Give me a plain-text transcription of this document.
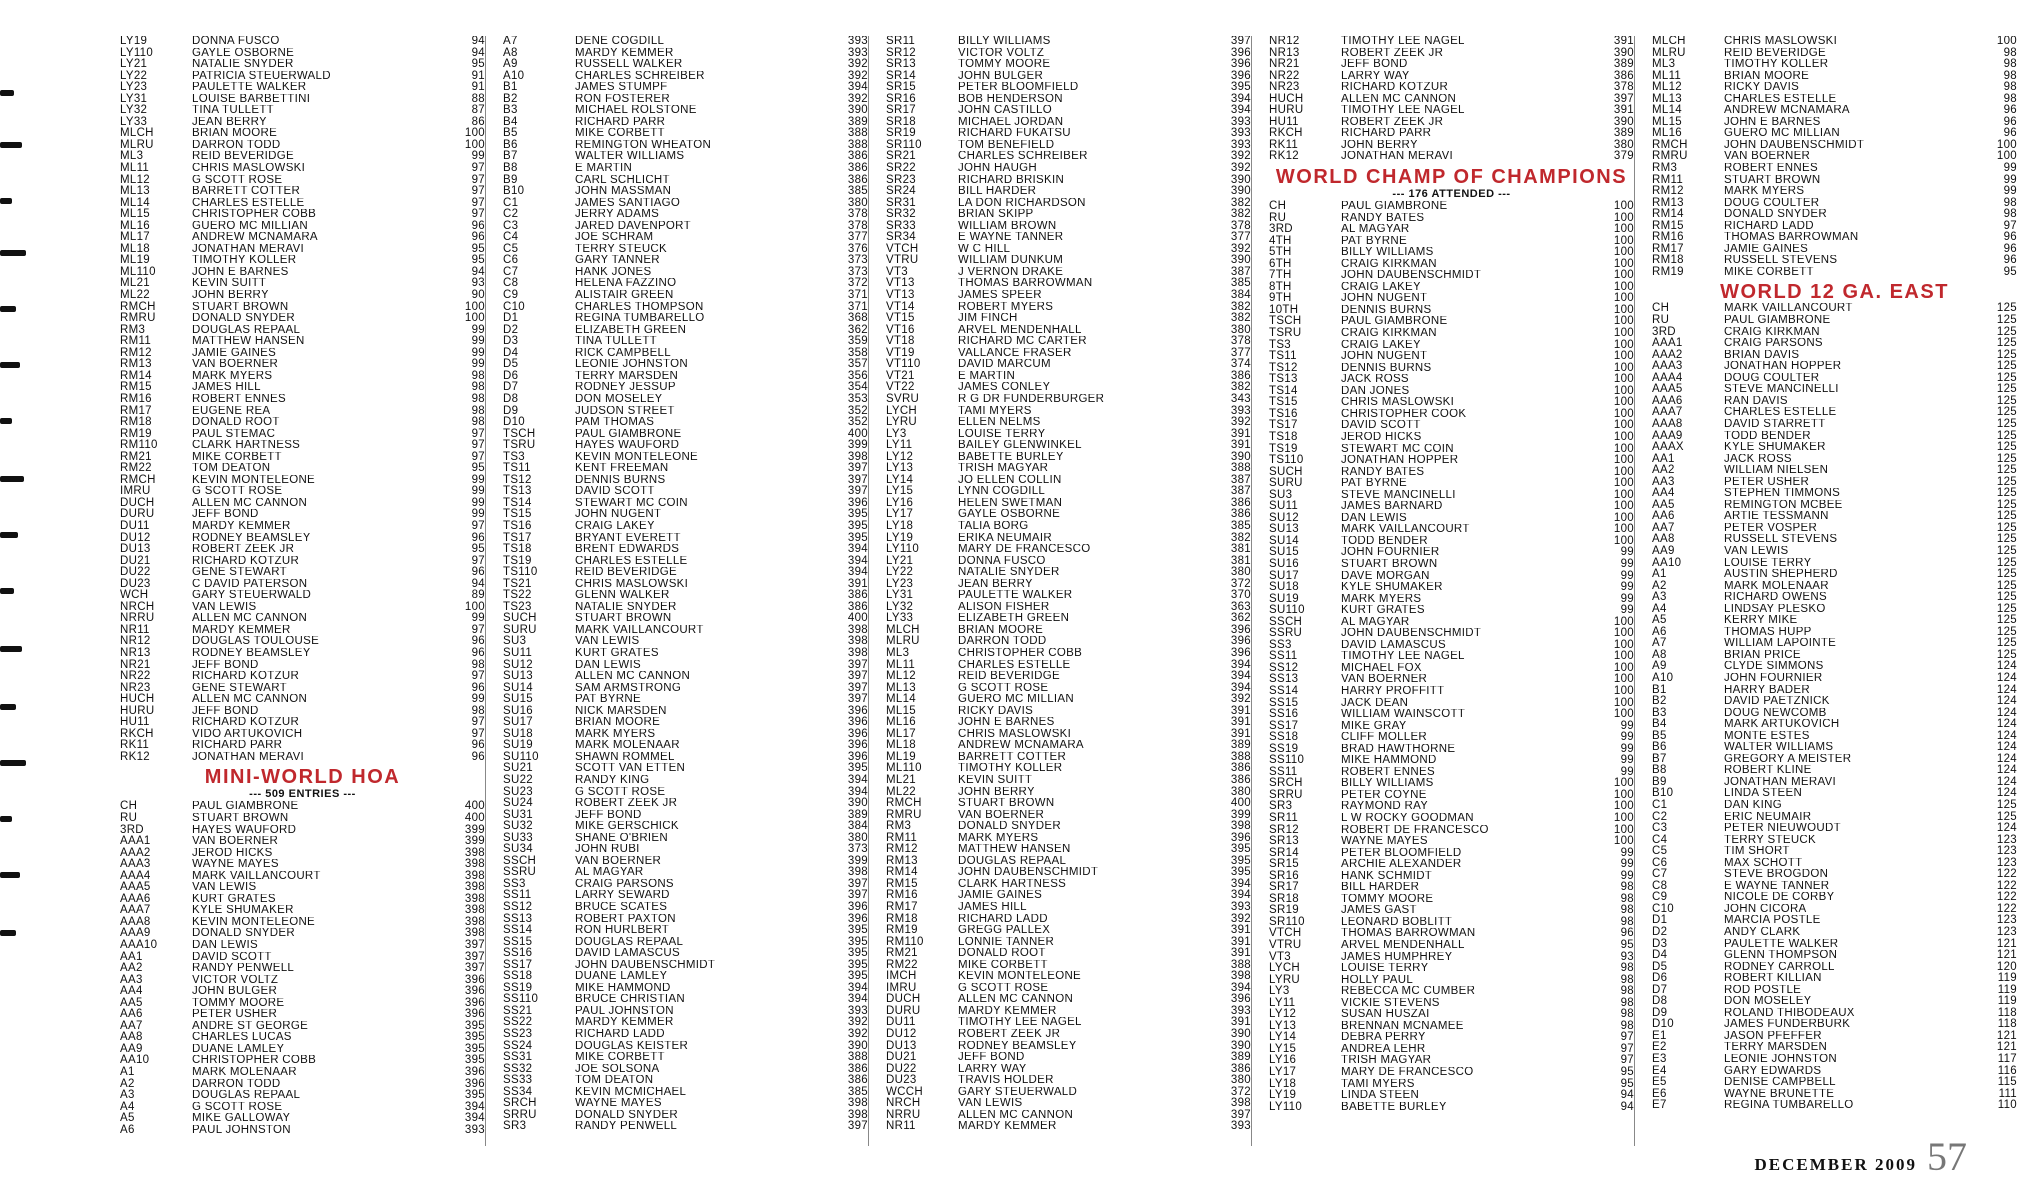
LY19	DONNA FUSCO	94
LY110	GAYLE OSBORNE	94
LY21	NATALIE SNYDER	95
LY22	PATRICIA STEUERWALD	91
LY23	PAULETTE WALKER	91
LY31	LOUISE BARBETTINI	88
LY32	TINA TULLETT	87
LY33	JEAN BERRY	86
MLCH	BRIAN MOORE	100
MLRU	DARRON TODD	100
ML3	REID BEVERIDGE	99
ML11	CHRIS MASLOWSKI	97
ML12	G SCOTT ROSE	97
ML13	BARRETT COTTER	97
ML14	CHARLES ESTELLE	97
ML15	CHRISTOPHER COBB	97
ML16	GUERO MC MILLIAN	96
ML17	ANDREW MCNAMARA	96
ML18	JONATHAN MERAVI	95
ML19	TIMOTHY KOLLER	95
ML110	JOHN E BARNES	94
ML21	KEVIN SUITT	93
ML22	JOHN BERRY	90
RMCH	STUART BROWN	100
RMRU	DONALD SNYDER	100
RM3	DOUGLAS REPAAL	99
RM11	MATTHEW HANSEN	99
RM12	JAMIE GAINES	99
RM13	VAN BOERNER	99
RM14	MARK MYERS	98
RM15	JAMES HILL	98
RM16	ROBERT ENNES	98
RM17	EUGENE REA	98
RM18	DONALD ROOT	98
RM19	PAUL STEMAC	97
RM110	CLARK HARTNESS	97
RM21	MIKE CORBETT	97
RM22	TOM DEATON	95
RMCH	KEVIN MONTELEONE	99
IMRU	G SCOTT ROSE	99
DUCH	ALLEN MC CANNON	99
DURU	JEFF BOND	99
DU11	MARDY KEMMER	97
DU12	RODNEY BEAMSLEY	96
DU13	ROBERT ZEEK JR	95
DU21	RICHARD KOTZUR	97
DU22	GENE STEWART	96
DU23	C DAVID PATERSON	94
WCH	GARY STEUERWALD	89
NRCH	VAN LEWIS	100
NRRU	ALLEN MC CANNON	99
NR11	MARDY KEMMER	97
NR12	DOUGLAS TOULOUSE	96
NR13	RODNEY BEAMSLEY	96
NR21	JEFF BOND	98
NR22	RICHARD KOTZUR	97
NR23	GENE STEWART	96
HUCH	ALLEN MC CANNON	99
HURU	JEFF BOND	98
HU11	RICHARD KOTZUR	97
RKCH	VIDO ARTUKOVICH	97
RK11	RICHARD PARR	96
RK12	JONATHAN MERAVI	96
MINI-WORLD HOA
--- 509 ENTRIES ---
CH	PAUL GIAMBRONE	400
RU	STUART BROWN	400
3RD	HAYES WAUFORD	399
AAA1	VAN BOERNER	399
AAA2	JEROD HICKS	398
AAA3	WAYNE MAYES	398
AAA4	MARK VAILLANCOURT	398
AAA5	VAN LEWIS	398
AAA6	KURT GRATES	398
AAA7	KYLE SHUMAKER	398
AAA8	KEVIN MONTELEONE	398
AAA9	DONALD SNYDER	398
AAA10	DAN LEWIS	397
AA1	DAVID SCOTT	397
AA2	RANDY PENWELL	397
AA3	VICTOR VOLTZ	396
AA4	JOHN BULGER	396
AA5	TOMMY MOORE	396
AA6	PETER USHER	396
AA7	ANDRE ST GEORGE	395
AA8	CHARLES LUCAS	395
AA9	DUANE LAMLEY	395
AA10	CHRISTOPHER COBB	395
A1	MARK MOLENAAR	396
A2	DARRON TODD	396
A3	DOUGLAS REPAAL	395
A4	G SCOTT ROSE	394
A5	MIKE GALLOWAY	394
A6	PAUL JOHNSTON	393
A7	DENE COGDILL	393
A8	MARDY KEMMER	393
A9	RUSSELL WALKER	392
A10	CHARLES SCHREIBER	392
B1	JAMES STUMPF	394
B2	RON FOSTERER	392
B3	MICHAEL ROLSTONE	390
B4	RICHARD PARR	389
B5	MIKE CORBETT	388
B6	REMINGTON WHEATON	388
B7	WALTER WILLIAMS	386
B8	E MARTIN	386
B9	CARL SCHLICHT	386
B10	JOHN MASSMAN	385
C1	JAMES SANTIAGO	380
C2	JERRY ADAMS	378
C3	JARED DAVENPORT	378
C4	JOE SCHRAM	377
C5	TERRY STEUCK	376
C6	GARY TANNER	373
C7	HANK JONES	373
C8	HELENA FAZZINO	372
C9	ALISTAIR GREEN	371
C10	CHARLES THOMPSON	371
D1	REGINA TUMBARELLO	368
D2	ELIZABETH GREEN	362
D3	TINA TULLETT	359
D4	RICK CAMPBELL	358
D5	LEONIE JOHNSTON	357
D6	TERRY MARSDEN	356
D7	RODNEY JESSUP	354
D8	DON MOSELEY	353
D9	JUDSON STREET	352
D10	PAM THOMAS	352
TSCH	PAUL GIAMBRONE	400
TSRU	HAYES WAUFORD	399
TS3	KEVIN MONTELEONE	398
TS11	KENT FREEMAN	397
TS12	DENNIS BURNS	397
TS13	DAVID SCOTT	397
TS14	STEWART MC COIN	396
TS15	JOHN NUGENT	395
TS16	CRAIG LAKEY	395
TS17	BRYANT EVERETT	395
TS18	BRENT EDWARDS	394
TS19	CHARLES ESTELLE	394
TS110	REID BEVERIDGE	394
TS21	CHRIS MASLOWSKI	391
TS22	GLENN WALKER	386
TS23	NATALIE SNYDER	386
SUCH	STUART BROWN	400
SURU	MARK VAILLANCOURT	398
SU3	VAN LEWIS	398
SU11	KURT GRATES	398
SU12	DAN LEWIS	397
SU13	ALLEN MC CANNON	397
SU14	SAM ARMSTRONG	397
SU15	PAT BYRNE	397
SU16	NICK MARSDEN	396
SU17	BRIAN MOORE	396
SU18	MARK MYERS	396
SU19	MARK MOLENAAR	396
SU110	SHAWN ROMMEL	396
SU21	SCOTT VAN ETTEN	395
SU22	RANDY KING	394
SU23	G SCOTT ROSE	394
SU24	ROBERT ZEEK JR	390
SU31	JEFF BOND	389
SU32	MIKE GERSCHICK	384
SU33	SHANE O'BRIEN	380
SU34	JOHN RUBI	373
SSCH	VAN BOERNER	399
SSRU	AL MAGYAR	398
SS3	CRAIG PARSONS	397
SS11	LARRY SEWARD	397
SS12	BRUCE SCATES	396
SS13	ROBERT PAXTON	396
SS14	RON HURLBERT	395
SS15	DOUGLAS REPAAL	395
SS16	DAVID LAMASCUS	395
SS17	JOHN DAUBENSCHMIDT	395
SS18	DUANE LAMLEY	395
SS19	MIKE HAMMOND	394
SS110	BRUCE CHRISTIAN	394
SS21	PAUL JOHNSTON	393
SS22	MARDY KEMMER	392
SS23	RICHARD LADD	392
SS24	DOUGLAS KEISTER	390
SS31	MIKE CORBETT	388
SS32	JOE SOLSONA	386
SS33	TOM DEATON	386
SS34	KEVIN MCMICHAEL	385
SRCH	WAYNE MAYES	398
SRRU	DONALD SNYDER	398
SR3	RANDY PENWELL	397
SR11	BILLY WILLIAMS	397
SR12	VICTOR VOLTZ	396
SR13	TOMMY MOORE	396
SR14	JOHN BULGER	396
SR15	PETER BLOOMFIELD	395
SR16	BOB HENDERSON	394
SR17	JOHN CASTILLO	394
SR18	MICHAEL JORDAN	393
SR19	RICHARD FUKATSU	393
SR110	TOM BENEFIELD	393
SR21	CHARLES SCHREIBER	392
SR22	JOHN HAUGH	392
SR23	RICHARD BRISKIN	390
SR24	BILL HARDER	390
SR31	LA DON RICHARDSON	382
SR32	BRIAN SKIPP	382
SR33	WILLIAM BROWN	378
SR34	E WAYNE TANNER	377
VTCH	W C HILL	392
VTRU	WILLIAM DUNKUM	390
VT3	J VERNON DRAKE	387
VT13	THOMAS BARROWMAN	385
VT13	JAMES SPEER	384
VT14	ROBERT MYERS	382
VT15	JIM FINCH	382
VT16	ARVEL MENDENHALL	380
VT18	RICHARD MC CARTER	378
VT19	VALLANCE FRASER	377
VT110	DAVID MARCUM	374
VT21	E MARTIN	386
VT22	JAMES CONLEY	382
SVRU	R G DR FUNDERBURGER	343
LYCH	TAMI MYERS	393
LYRU	ELLEN NELMS	392
LY3	LOUISE TERRY	391
LY11	BAILEY GLENWINKEL	391
LY12	BABETTE BURLEY	390
LY13	TRISH MAGYAR	388
LY14	JO ELLEN COLLIN	387
LY15	LYNN COGDILL	387
LY16	HELEN SWETMAN	386
LY17	GAYLE OSBORNE	386
LY18	TALIA BORG	385
LY19	ERIKA NEUMAIR	382
LY110	MARY DE FRANCESCO	381
LY21	DONNA FUSCO	381
LY22	NATALIE SNYDER	380
LY23	JEAN BERRY	372
LY31	PAULETTE WALKER	370
LY32	ALISON FISHER	363
LY33	ELIZABETH GREEN	362
MLCH	BRIAN MOORE	396
MLRU	DARRON TODD	396
ML3	CHRISTOPHER COBB	396
ML11	CHARLES ESTELLE	394
ML12	REID BEVERIDGE	394
ML13	G SCOTT ROSE	394
ML14	GUERO MC MILLIAN	392
ML15	RICKY DAVIS	391
ML16	JOHN E BARNES	391
ML17	CHRIS MASLOWSKI	391
ML18	ANDREW MCNAMARA	389
ML19	BARRETT COTTER	388
ML110	TIMOTHY KOLLER	386
ML21	KEVIN SUITT	386
ML22	JOHN BERRY	380
RMCH	STUART BROWN	400
RMRU	VAN BOERNER	399
RM3	DONALD SNYDER	398
RM11	MARK MYERS	396
RM12	MATTHEW HANSEN	395
RM13	DOUGLAS REPAAL	395
RM14	JOHN DAUBENSCHMIDT	395
RM15	CLARK HARTNESS	394
RM16	JAMIE GAINES	394
RM17	JAMES HILL	393
RM18	RICHARD LADD	392
RM19	GREGG PALLEX	391
RM110	LONNIE TANNER	391
RM21	DONALD ROOT	391
RM22	MIKE CORBETT	388
IMCH	KEVIN MONTELEONE	398
IMRU	G SCOTT ROSE	394
DUCH	ALLEN MC CANNON	396
DURU	MARDY KEMMER	393
DU11	TIMOTHY LEE NAGEL	391
DU12	ROBERT ZEEK JR	390
DU13	RODNEY BEAMSLEY	390
DU21	JEFF BOND	389
DU22	LARRY WAY	386
DU23	TRAVIS HOLDER	380
WCCH	GARY STEUERWALD	372
NRCH	VAN LEWIS	398
NRRU	ALLEN MC CANNON	397
NR11	MARDY KEMMER	393
NR12	TIMOTHY LEE NAGEL	391
NR13	ROBERT ZEEK JR	390
NR21	JEFF BOND	389
NR22	LARRY WAY	386
NR23	RICHARD KOTZUR	378
HUCH	ALLEN MC CANNON	397
HURU	TIMOTHY LEE NAGEL	391
HU11	ROBERT ZEEK JR	390
RKCH	RICHARD PARR	389
RK11	JOHN BERRY	380
RK12	JONATHAN MERAVI	379
WORLD CHAMP OF CHAMPIONS
--- 176 ATTENDED ---
CH	PAUL GIAMBRONE	100
RU	RANDY BATES	100
3RD	AL MAGYAR	100
4TH	PAT BYRNE	100
5TH	BILLY WILLIAMS	100
6TH	CRAIG KIRKMAN	100
7TH	JOHN DAUBENSCHMIDT	100
8TH	CRAIG LAKEY	100
9TH	JOHN NUGENT	100
10TH	DENNIS BURNS	100
TSCH	PAUL GIAMBRONE	100
TSRU	CRAIG KIRKMAN	100
TS3	CRAIG LAKEY	100
TS11	JOHN NUGENT	100
TS12	DENNIS BURNS	100
TS13	JACK ROSS	100
TS14	DAN JONES	100
TS15	CHRIS MASLOWSKI	100
TS16	CHRISTOPHER COOK	100
TS17	DAVID SCOTT	100
TS18	JEROD HICKS	100
TS19	STEWART MC COIN	100
TS110	JONATHAN HOPPER	100
SUCH	RANDY BATES	100
SURU	PAT BYRNE	100
SU3	STEVE MANCINELLI	100
SU11	JAMES BARNARD	100
SU12	DAN LEWIS	100
SU13	MARK VAILLANCOURT	100
SU14	TODD BENDER	100
SU15	JOHN FOURNIER	99
SU16	STUART BROWN	99
SU17	DAVE MORGAN	99
SU18	KYLE SHUMAKER	99
SU19	MARK MYERS	99
SU110	KURT GRATES	99
SSCH	AL MAGYAR	100
SSRU	JOHN DAUBENSCHMIDT	100
SS3	DAVID LAMASCUS	100
SS11	TIMOTHY LEE NAGEL	100
SS12	MICHAEL FOX	100
SS13	VAN BOERNER	100
SS14	HARRY PROFFITT	100
SS15	JACK DEAN	100
SS16	WILLIAM WAINSCOTT	100
SS17	MIKE GRAY	99
SS18	CLIFF MOLLER	99
SS19	BRAD HAWTHORNE	99
SS110	MIKE HAMMOND	99
SS11	ROBERT ENNES	99
SRCH	BILLY WILLIAMS	100
SRRU	PETER COYNE	100
SR3	RAYMOND RAY	100
SR11	L W ROCKY GOODMAN	100
SR12	ROBERT DE FRANCESCO	100
SR13	WAYNE MAYES	100
SR14	PETER BLOOMFIELD	99
SR15	ARCHIE ALEXANDER	99
SR16	HANK SCHMIDT	99
SR17	BILL HARDER	98
SR18	TOMMY MOORE	98
SR19	JAMES GAST	98
SR110	LEONARD BOBLITT	98
VTCH	THOMAS BARROWMAN	96
VTRU	ARVEL MENDENHALL	95
VT3	JAMES HUMPHREY	93
LYCH	LOUISE TERRY	98
LYRU	HOLLY PAUL	98
LY3	REBECCA MC CUMBER	98
LY11	VICKIE STEVENS	98
LY12	SUSAN HUSZAI	98
LY13	BRENNAN MCNAMEE	98
LY14	DEBRA PERRY	97
LY15	ANDREA LEHR	97
LY16	TRISH MAGYAR	97
LY17	MARY DE FRANCESCO	95
LY18	TAMI MYERS	95
LY19	LINDA STEEN	94
LY110	BABETTE BURLEY	94
MLCH	CHRIS MASLOWSKI	100
MLRU	REID BEVERIDGE	98
ML3	TIMOTHY KOLLER	98
ML11	BRIAN MOORE	98
ML12	RICKY DAVIS	98
ML13	CHARLES ESTELLE	98
ML14	ANDREW MCNAMARA	96
ML15	JOHN E BARNES	96
ML16	GUERO MC MILLIAN	96
RMCH	JOHN DAUBENSCHMIDT	100
RMRU	VAN BOERNER	100
RM3	ROBERT ENNES	99
RM11	STUART BROWN	99
RM12	MARK MYERS	99
RM13	DOUG COULTER	98
RM14	DONALD SNYDER	98
RM15	RICHARD LADD	97
RM16	THOMAS BARROWMAN	96
RM17	JAMIE GAINES	96
RM18	RUSSELL STEVENS	96
RM19	MIKE CORBETT	95
WORLD 12 GA. EAST
CH	MARK VAILLANCOURT	125
RU	PAUL GIAMBRONE	125
3RD	CRAIG KIRKMAN	125
AAA1	CRAIG PARSONS	125
AAA2	BRIAN DAVIS	125
AAA3	JONATHAN HOPPER	125
AAA4	DOUG COULTER	125
AAA5	STEVE MANCINELLI	125
AAA6	RAN DAVIS	125
AAA7	CHARLES ESTELLE	125
AAA8	DAVID STARRETT	125
AAA9	TODD BENDER	125
AAAX	KYLE SHUMAKER	125
AA1	JACK ROSS	125
AA2	WILLIAM NIELSEN	125
AA3	PETER USHER	125
AA4	STEPHEN TIMMONS	125
AA5	REMINGTON MCBEE	125
AA6	ARTIE TESSMANN	125
AA7	PETER VOSPER	125
AA8	RUSSELL STEVENS	125
AA9	VAN LEWIS	125
AA10	LOUISE TERRY	125
A1	AUSTIN SHEPHERD	125
A2	MARK MOLENAAR	125
A3	RICHARD OWENS	125
A4	LINDSAY PLESKO	125
A5	KERRY MIKE	125
A6	THOMAS HUPP	125
A7	WILLIAM LAPOINTE	125
A8	BRIAN PRICE	125
A9	CLYDE SIMMONS	124
A10	JOHN FOURNIER	124
B1	HARRY BADER	124
B2	DAVID PAETZNICK	124
B3	DOUG NEWCOMB	124
B4	MARK ARTUKOVICH	124
B5	MONTE ESTES	124
B6	WALTER WILLIAMS	124
B7	GREGORY A MEISTER	124
B8	ROBERT KLINE	124
B9	JONATHAN MERAVI	124
B10	LINDA STEEN	124
C1	DAN KING	125
C2	ERIC NEUMAIR	125
C3	PETER NIEUWOUDT	124
C4	TERRY STEUCK	123
C5	TIM SHORT	123
C6	MAX SCHOTT	123
C7	STEVE BROGDON	122
C8	E WAYNE TANNER	122
C9	NICOLE DE CORBY	122
C10	JOHN CICORA	122
D1	MARCIA POSTLE	123
D2	ANDY CLARK	123
D3	PAULETTE WALKER	121
D4	GLENN THOMPSON	121
D5	RODNEY CARROLL	120
D6	ROBERT KILLIAN	119
D7	ROD POSTLE	119
D8	DON MOSELEY	119
D9	ROLAND THIBODEAUX	118
D10	JAMES FUNDERBURK	118
E1	JASON PFEFFER	121
E2	TERRY MARSDEN	121
E3	LEONIE JOHNSTON	117
E4	GARY EDWARDS	116
E5	DENISE CAMPBELL	115
E6	WAYNE BRUNETTE	111
E7	REGINA TUMBARELLO	110
DECEMBER 2009 57
